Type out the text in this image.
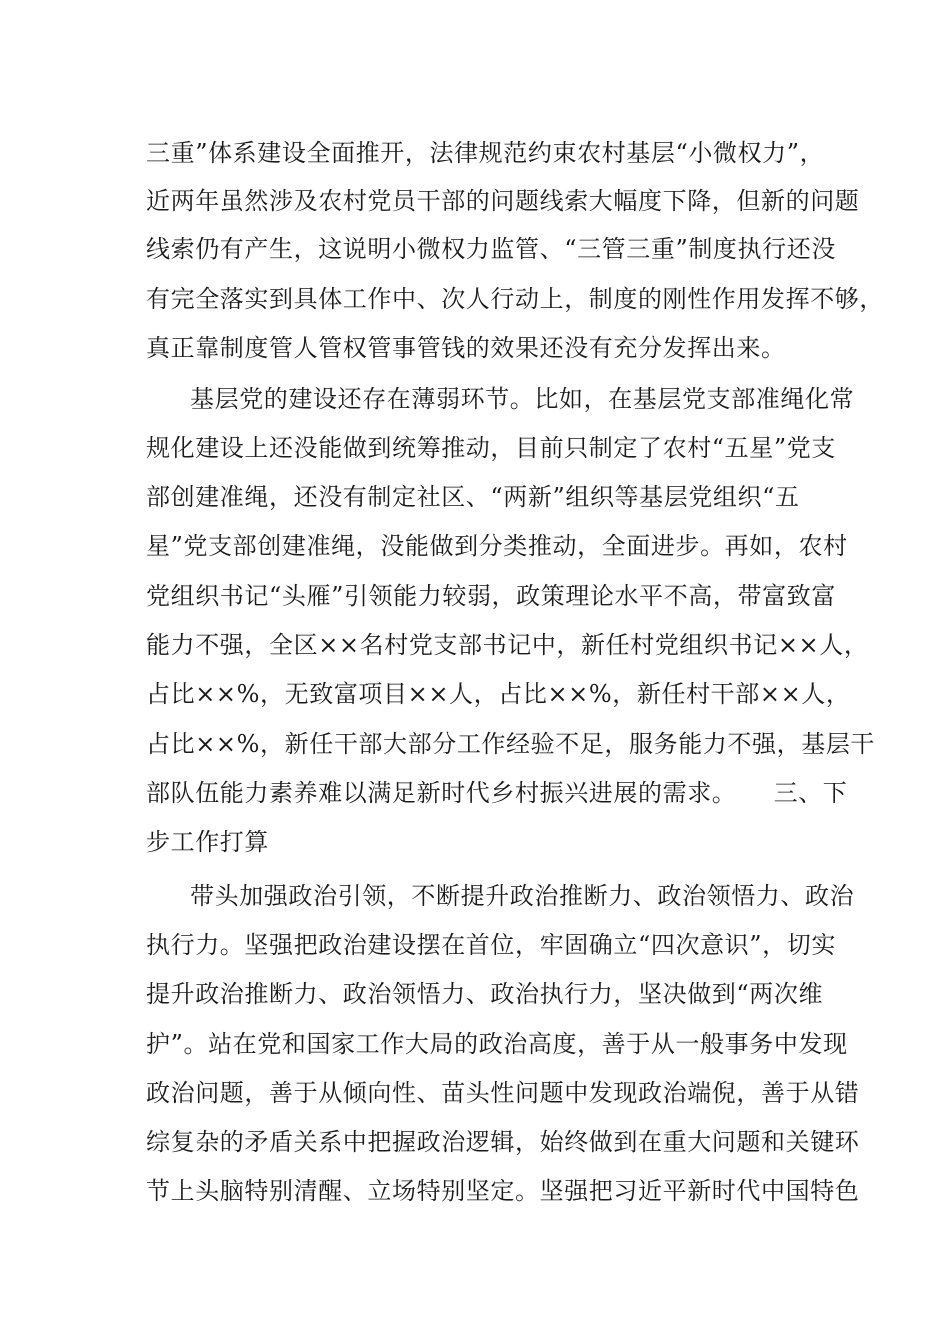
三重”体系建设全面推开，法律规范约束农村基层“小微权力”，
近两年虽然涉及农村党员干部的问题线索大幅度下降，但新的问题
线索仍有产生，这说明小微权力监管、“三管三重”制度执行还没
有完全落实到具体工作中、次人行动上，制度的刚性作用发挥不够，
真正靠制度管人管权管事管钱的效果还没有充分发挥出来。
基层党的建设还存在薄弱环节。比如，在基层党支部准绳化常
规化建设上还没能做到统筹推动，目前只制定了农村“五星”党支
部创建准绳，还没有制定社区、“两新”组织等基层党组织“五
星”党支部创建准绳，没能做到分类推动，全面进步。再如，农村
党组织书记“头雁”引领能力较弱，政策理论水平不高，带富致富
能力不强，全区××名村党支部书记中，新任村党组织书记××人，
占比××%，无致富项目××人，占比××%，新任村干部××人，
占比××%，新任干部大部分工作经验不足，服务能力不强，基层干
部队伍能力素养难以满足新时代乡村振兴进展的需求。　　三、下
步工作打算
带头加强政治引领，不断提升政治推断力、政治领悟力、政治
执行力。坚强把政治建设摆在首位，牢固确立“四次意识”，切实
提升政治推断力、政治领悟力、政治执行力，坚决做到“两次维
护”。站在党和国家工作大局的政治高度，善于从一般事务中发现
政治问题，善于从倾向性、苗头性问题中发现政治端倪，善于从错
综复杂的矛盾关系中把握政治逻辑，始终做到在重大问题和关键环
节上头脑特别清醒、立场特别坚定。坚强把习近平新时代中国特色
